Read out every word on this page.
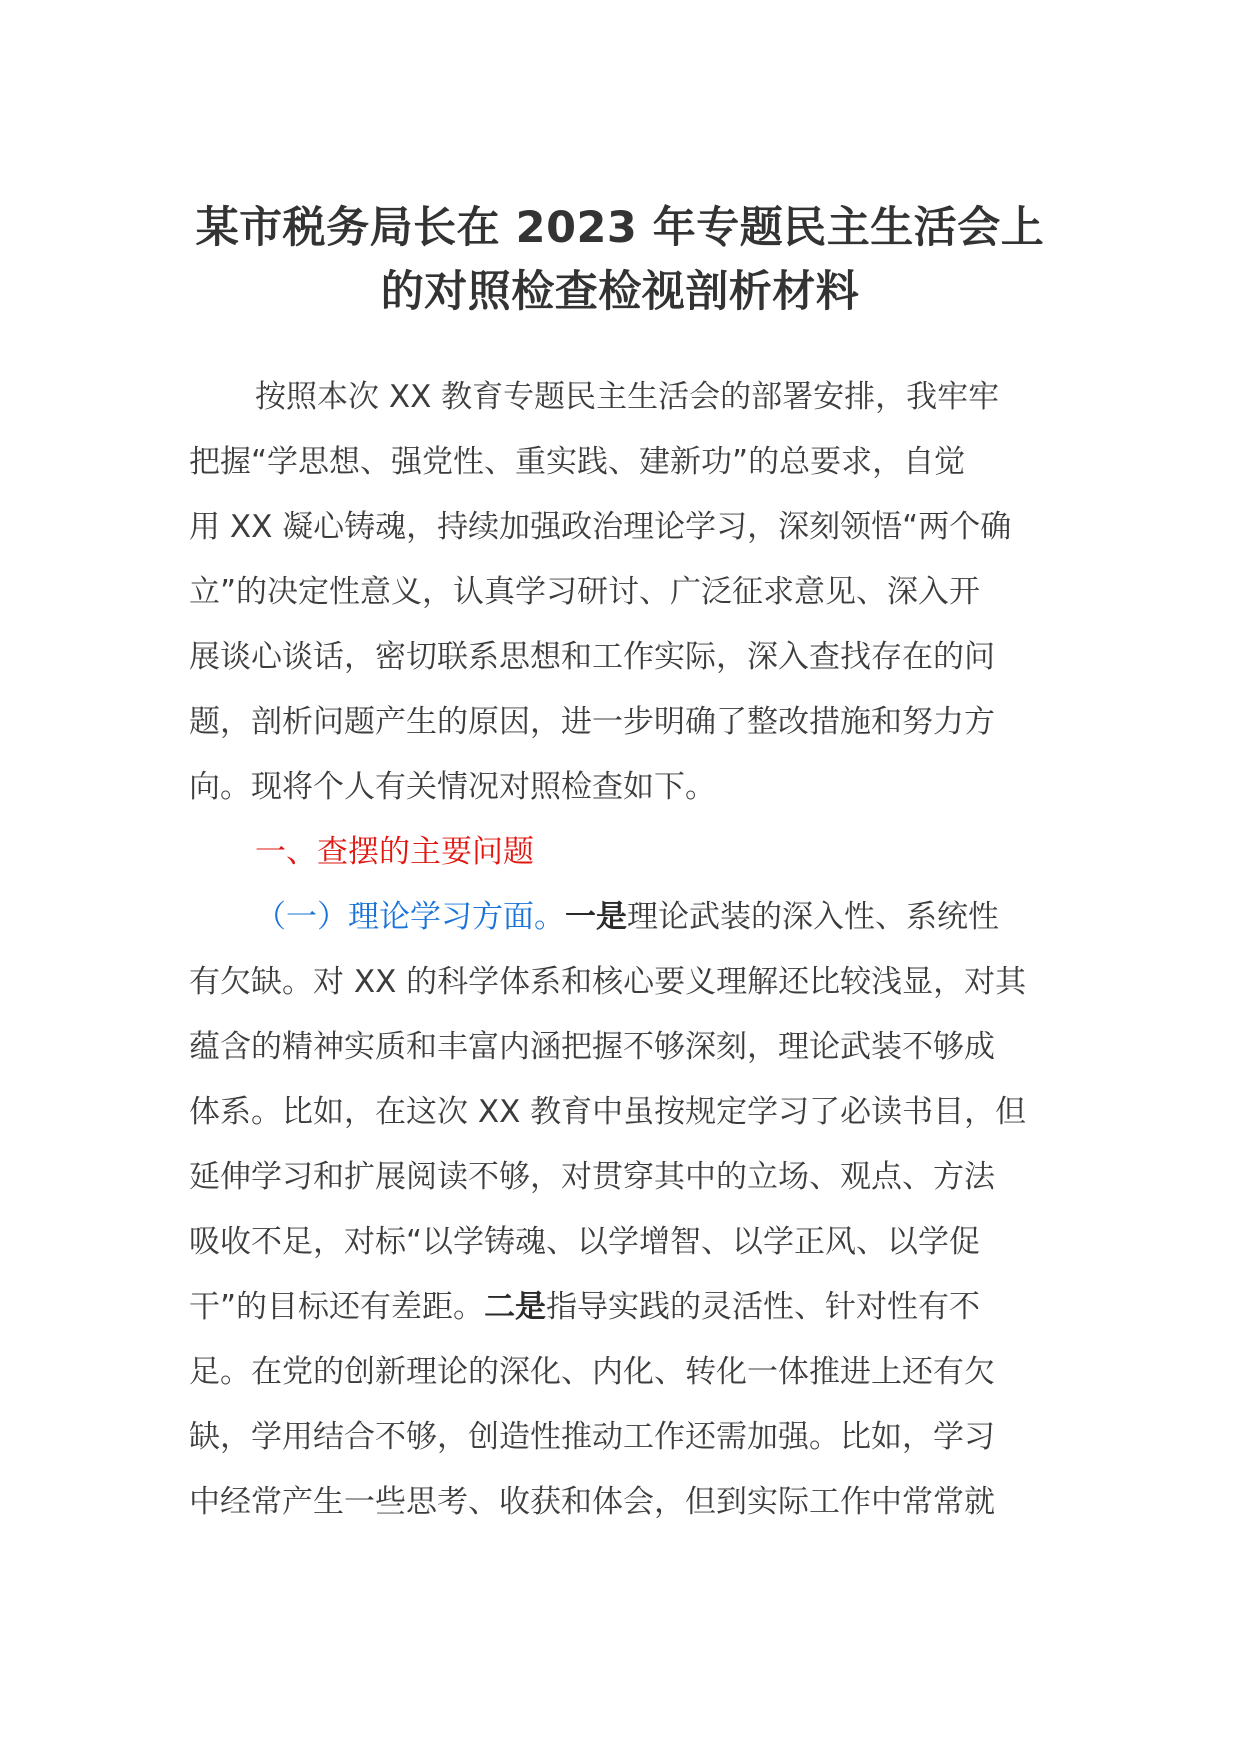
某市税务局长在 2023 年专题民主生活会上
的对照检查检视剖析材料
按照本次 XX 教育专题民主生活会的部署安排，我牢牢
把握“学思想、强党性、重实践、建新功”的总要求，自觉
用 XX 凝心铸魂，持续加强政治理论学习，深刻领悟“两个确
立”的决定性意义，认真学习研讨、广泛征求意见、深入开
展谈心谈话，密切联系思想和工作实际，深入查找存在的问
题，剖析问题产生的原因，进一步明确了整改措施和努力方
向。现将个人有关情况对照检查如下。
一、查摆的主要问题
（一）理论学习方面。一是理论武装的深入性、系统性
有欠缺。对 XX 的科学体系和核心要义理解还比较浅显，对其
蕴含的精神实质和丰富内涵把握不够深刻，理论武装不够成
体系。比如，在这次 XX 教育中虽按规定学习了必读书目，但
延伸学习和扩展阅读不够，对贯穿其中的立场、观点、方法
吸收不足，对标“以学铸魂、以学增智、以学正风、以学促
干”的目标还有差距。二是指导实践的灵活性、针对性有不
足。在党的创新理论的深化、内化、转化一体推进上还有欠
缺，学用结合不够，创造性推动工作还需加强。比如，学习
中经常产生一些思考、收获和体会，但到实际工作中常常就
